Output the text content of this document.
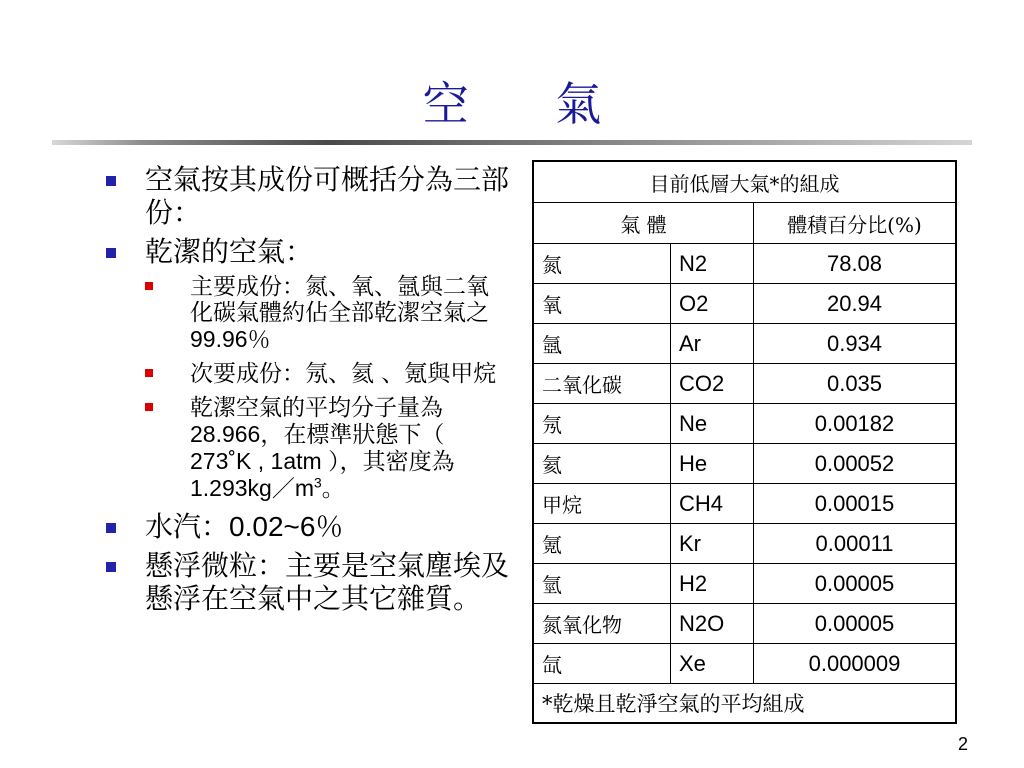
空 氣
空氣按其成份可概括分為三部份：
乾潔的空氣：
主要成份：氮、氧、氬與二氧化碳氣體約佔全部乾潔空氣之99.96％
次要成份：氖、氦 、氪與甲烷
乾潔空氣的平均分子量為28.966，在標準狀態下（ 273˚K , 1atm ），其密度為 $1.293kg/m^3$。
水汽：0.02~6％
懸浮微粒：主要是空氣塵埃及懸浮在空氣中之其它雜質。
目前低層大氣*的組成		
氣 體		體積百分比(%)
氮	N2	78.08
氧	O2	20.94
氬	Ar	0.934
二氧化碳	CO2	0.035
氖	Ne	0.00182
氦	He	0.00052
甲烷	CH4	0.00015
氪	Kr	0.00011
氫	H2	0.00005
氮氧化物	N2O	0.00005
氙	Xe	0.000009
*乾燥且乾淨空氣的平均組成		
2
